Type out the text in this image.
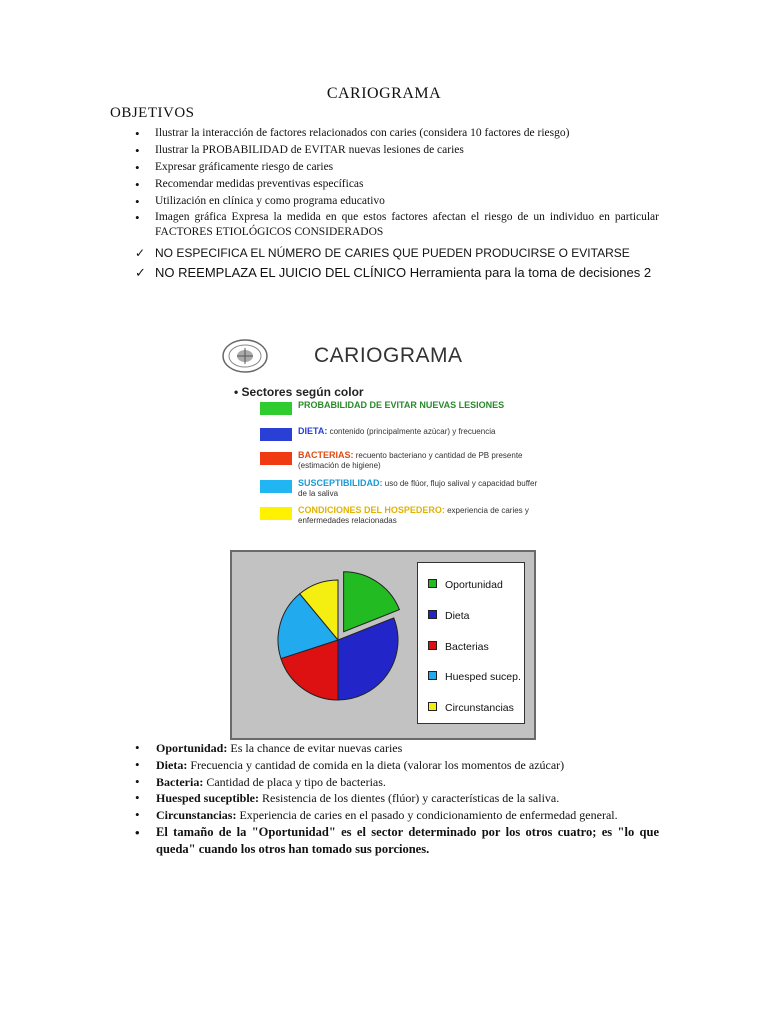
CARIOGRAMA
OBJETIVOS
• Ilustrar la interacción de factores relacionados con caries (considera 10 factores de riesgo)
• Ilustrar la PROBABILIDAD de EVITAR nuevas lesiones de caries
• Expresar gráficamente riesgo de caries
• Recomendar medidas preventivas específicas
• Utilización en clínica y como programa educativo
• Imagen gráfica Expresa la medida en que estos factores afectan el riesgo de un individuo en particular FACTORES ETIOLÓGICOS CONSIDERADOS
✓ NO ESPECIFICA EL NÚMERO DE CARIES QUE PUEDEN PRODUCIRSE O EVITARSE
✓ NO REEMPLAZA EL JUICIO DEL CLÍNICO Herramienta para la toma de decisiones 2
CARIOGRAMA
• Sectores según color
PROBABILIDAD DE EVITAR NUEVAS LESIONES
DIETA: contenido (principalmente azúcar) y frecuencia
BACTERIAS: recuento bacteriano y cantidad de PB presente (estimación de higiene)
SUSCEPTIBILIDAD: uso de flúor, flujo salival y capacidad buffer de la saliva
CONDICIONES DEL HOSPEDERO: experiencia de caries y enfermedades relacionadas
Oportunidad
Dieta
Bacterias
Huesped sucep.
Circunstancias
• Oportunidad: Es la chance de evitar nuevas caries
• Dieta: Frecuencia y cantidad de comida en la dieta (valorar los momentos de azúcar)
• Bacteria: Cantidad de placa y tipo de bacterias.
• Huesped suceptible: Resistencia de los dientes (flúor) y características de la saliva.
• Circunstancias: Experiencia de caries en el pasado y condicionamiento de enfermedad general.
• El tamaño de la "Oportunidad" es el sector determinado por los otros cuatro; es "lo que queda" cuando los otros han tomado sus porciones.
